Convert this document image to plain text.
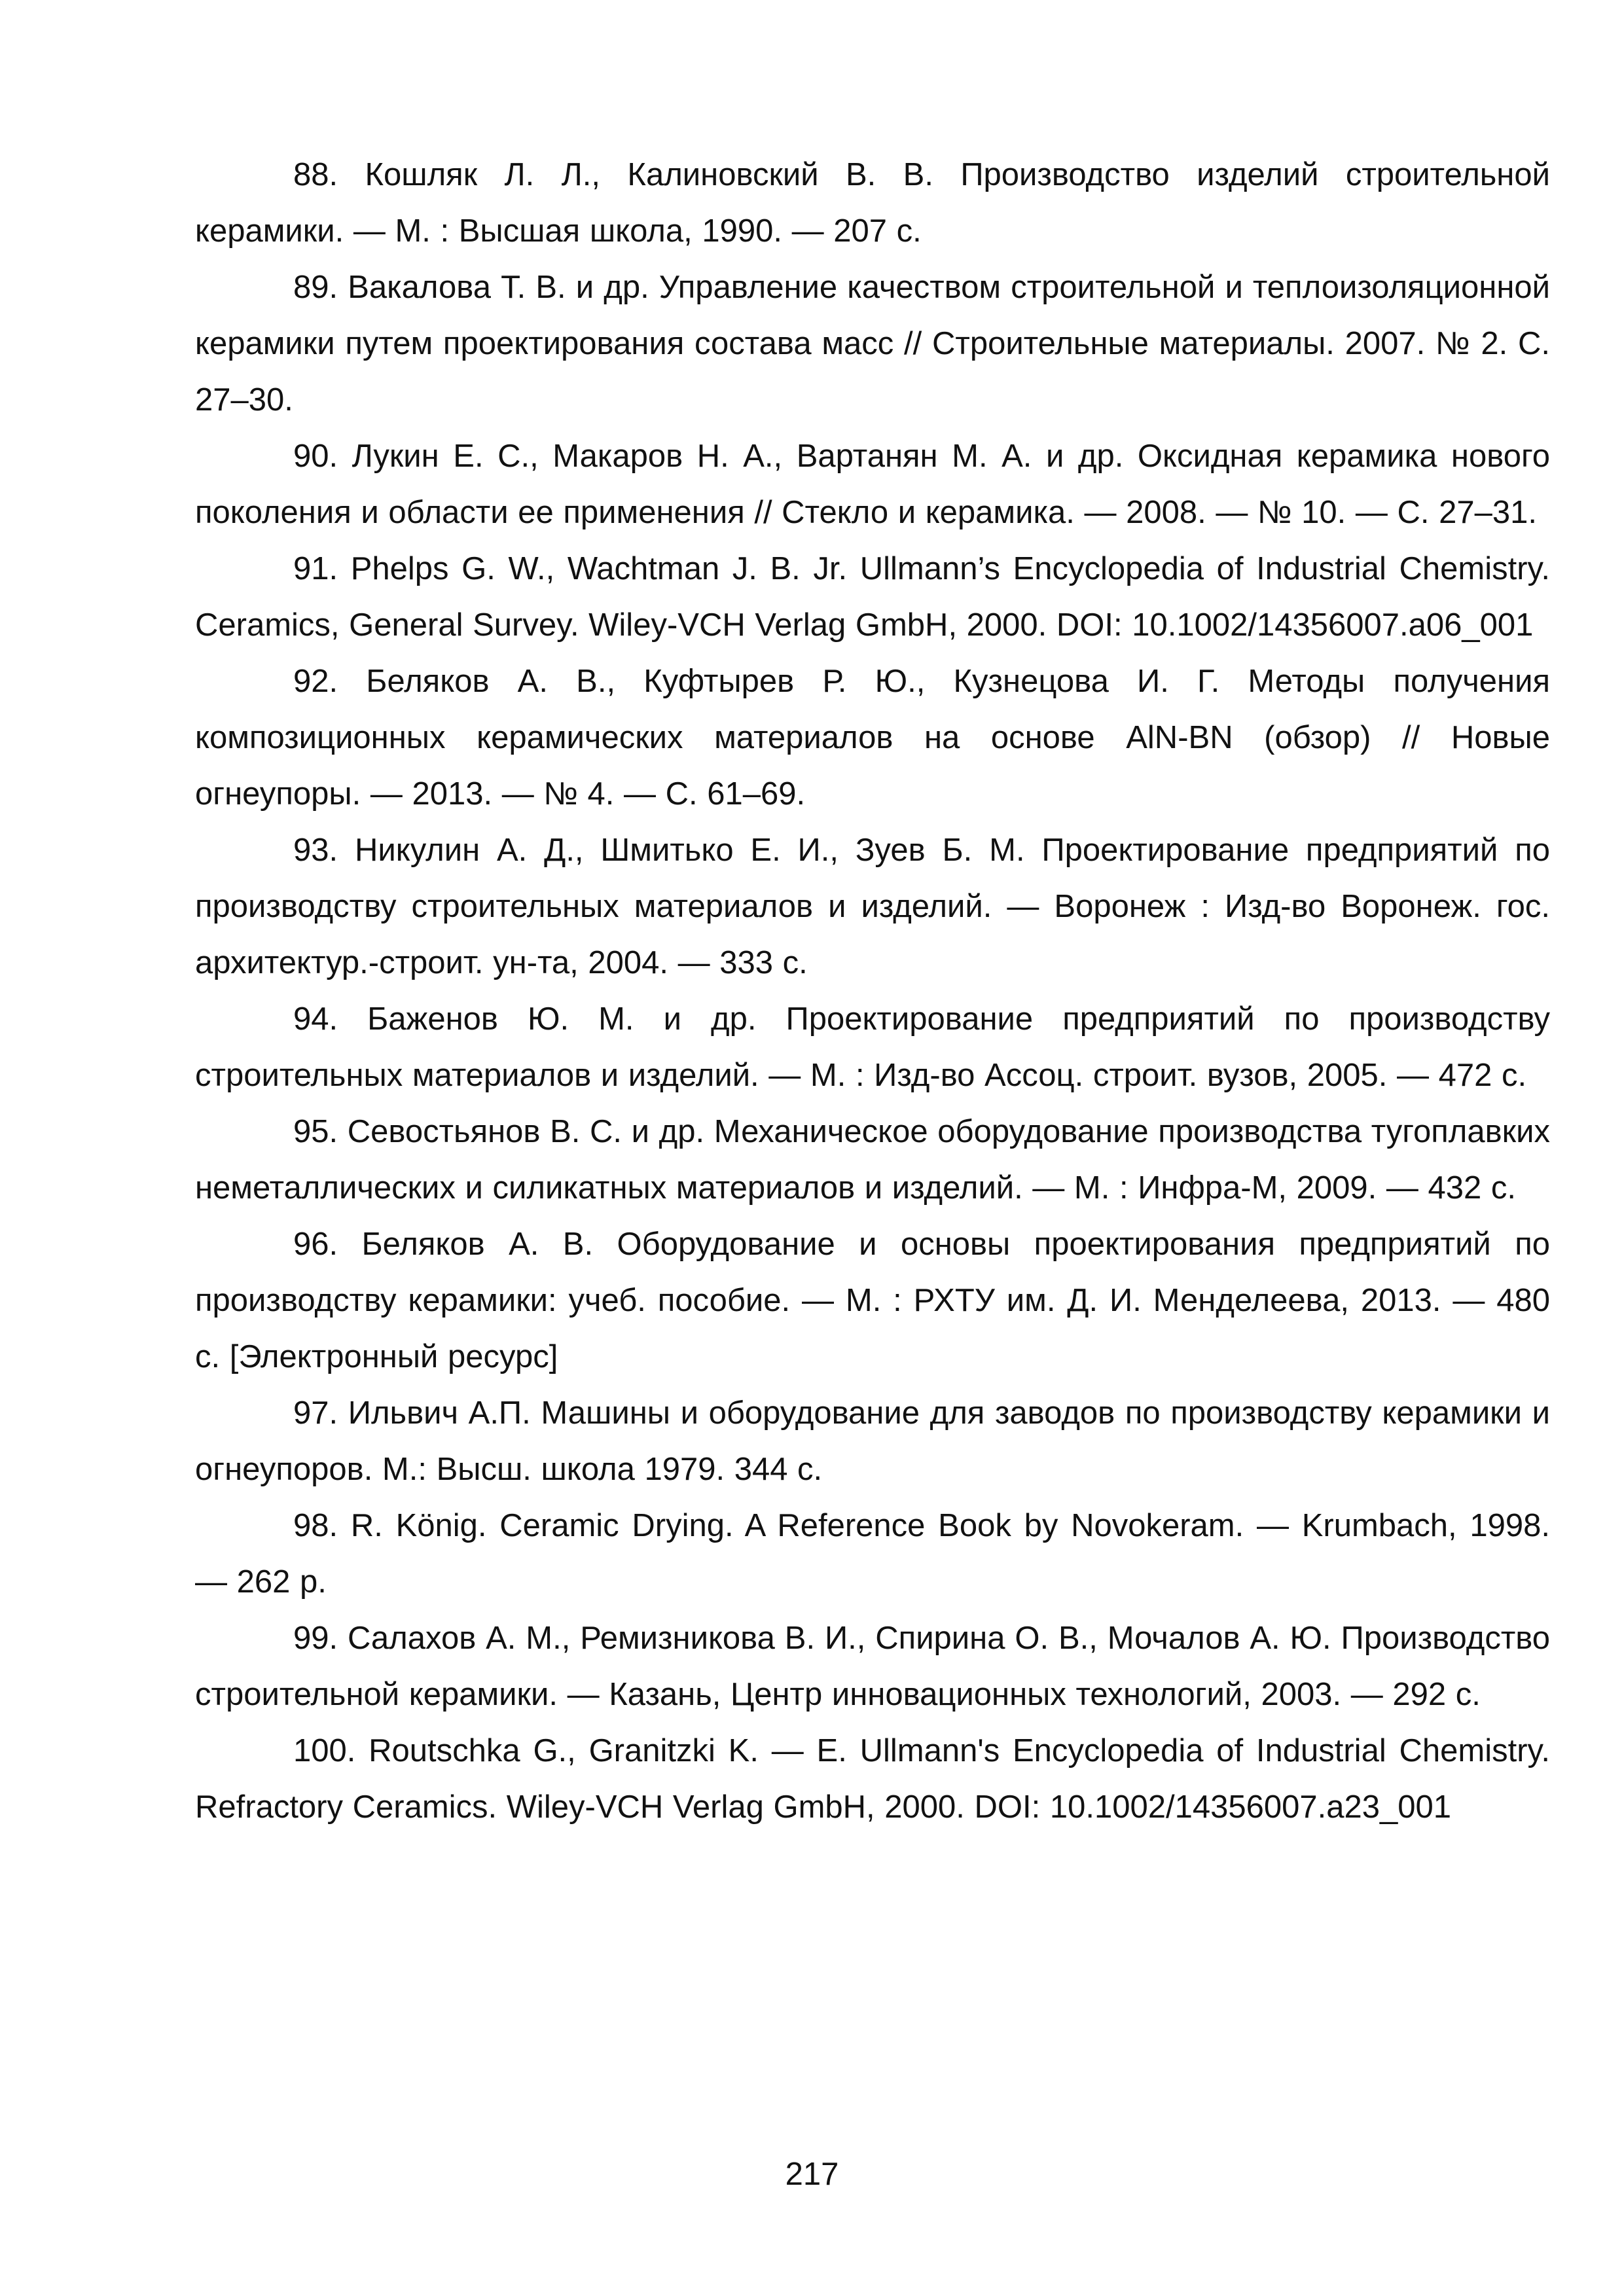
88. Кошляк Л. Л., Калиновский В. В. Производство изделий строительной керамики. — М. : Высшая школа, 1990. — 207 с.

89. Вакалова Т. В. и др. Управление качеством строительной и теплоизоляционной керамики путем проектирования состава масс // Строительные материалы. 2007. № 2. С. 27–30.

90. Лукин Е. С., Макаров Н. А., Вартанян М. А. и др. Оксидная керамика нового поколения и области ее применения // Стекло и керамика. — 2008. — № 10. — С. 27–31.

91. Phelps G. W., Wachtman J. B. Jr. Ullmann’s Encyclopedia of Industrial Chemistry. Ceramics, General Survey. Wiley-VCH Verlag GmbH, 2000. DOI: 10.1002/14356007.a06_001

92. Беляков А. В., Куфтырев Р. Ю., Кузнецова И. Г. Методы получения композиционных керамических материалов на основе AlN-BN (обзор) // Новые огнеупоры. — 2013. — № 4. — С. 61–69.

93. Никулин А. Д., Шмитько Е. И., Зуев Б. М. Проектирование предприятий по производству строительных материалов и изделий. — Воронеж : Изд-во Воронеж. гос. архитектур.-строит. ун-та, 2004. — 333 с.

94. Баженов Ю. М. и др. Проектирование предприятий по производству строительных материалов и изделий. — М. : Изд-во Ассоц. строит. вузов, 2005. — 472 с.

95. Севостьянов В. С. и др. Механическое оборудование производства тугоплавких неметаллических и силикатных материалов и изделий. — М. : Инфра-М, 2009. — 432 с.

96. Беляков А. В. Оборудование и основы проектирования предприятий по производству керамики: учеб. пособие. — М. : РХТУ им. Д. И. Менделеева, 2013. — 480 с. [Электронный ресурс]

97. Ильвич А.П. Машины и оборудование для заводов по производству керамики и огнеупоров. М.: Высш. школа 1979. 344 с.

98. R. König. Ceramic Drying. A Reference Book by Novokeram. — Krumbach, 1998. — 262 p.

99. Салахов А. М., Ремизникова В. И., Спирина О. В., Мочалов А. Ю. Производство строительной керамики. — Казань, Центр инновационных технологий, 2003. — 292 с.

100. Routschka G., Granitzki K. — E. Ullmann's Encyclopedia of Industrial Chemistry. Refractory Ceramics. Wiley-VCH Verlag GmbH, 2000. DOI: 10.1002/14356007.a23_001

217
